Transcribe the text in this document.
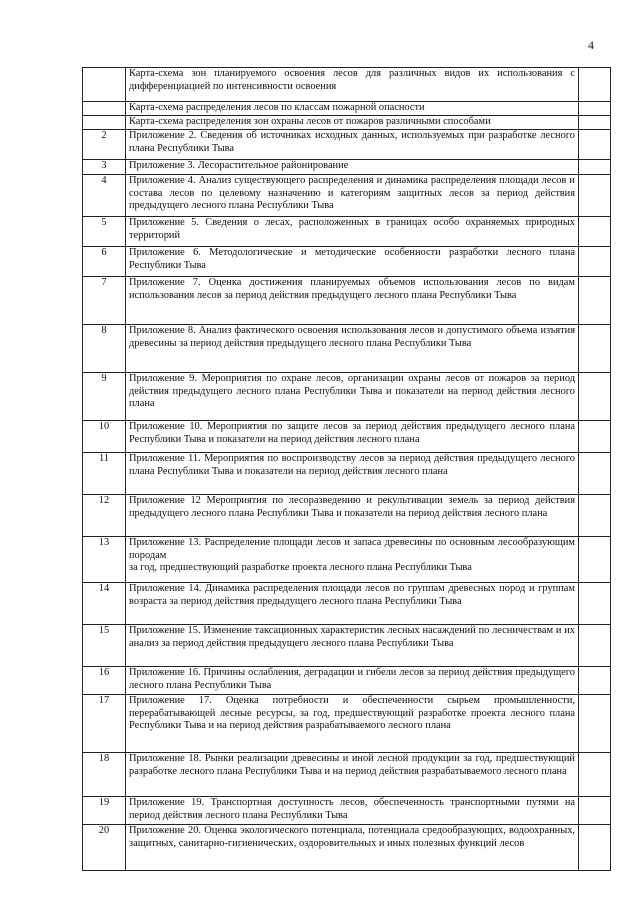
4
	Карта-схема зон планируемого освоения лесов для различных видов их использования с дифференциацией по интенсивности освоения	
	Карта-схема распределения лесов по классам пожарной опасности	
	Карта-схема распределения зон охраны лесов от пожаров различными способами	
2	Приложение 2. Сведения об источниках исходных данных, используемых при разработке лесного плана Республики Тыва	
3	Приложение 3. Лесорастительное районирование	
4	Приложение 4. Анализ существующего распределения и динамика распределения площади лесов и состава лесов по целевому назначению и категориям защитных лесов за период действия предыдущего лесного плана Республики Тыва	
5	Приложение 5. Сведения о лесах, расположенных в границах особо охраняемых природных территорий	
6	Приложение 6. Методологические и методические особенности разработки лесного плана Республики Тыва	
7	Приложение 7. Оценка достижения планируемых объемов использования лесов по видам использования лесов за период действия предыдущего лесного плана Республики Тыва	
8	Приложение 8. Анализ фактического освоения использования лесов и допустимого объема изъятия древесины за период действия предыдущего лесного плана Республики Тыва	
9	Приложение 9. Мероприятия по охране лесов, организации охраны лесов от пожаров за период действия предыдущего лесного плана Республики Тыва и показатели на период действия лесного плана	
10	Приложение 10. Мероприятия по защите лесов за период действия предыдущего лесного плана Республики Тыва и показатели на период действия лесного плана	
11	Приложение 11. Мероприятия по воспроизводству лесов за период действия предыдущего лесного плана Республики Тыва и показатели на период действия лесного плана	
12	Приложение 12 Мероприятия по лесоразведению и рекультивации земель за период действия предыдущего лесного плана Республики Тыва и показатели на период действия лесного плана	
13	Приложение 13. Распределение площади лесов и запаса древесины по основным лесообразующим породам
за год, предшествующий разработке проекта лесного плана Республики Тыва	

14	Приложение 14. Динамика распределения площади лесов по группам древесных пород и группам возраста за период действия предыдущего лесного плана Республики Тыва	
15	Приложение 15. Изменение таксационных характеристик лесных насаждений по лесничествам и их анализ за период действия предыдущего лесного плана Республики Тыва	
16	Приложение 16. Причины ослабления, деградации и гибели лесов за период действия предыдущего лесного плана Республики Тыва	
17	Приложение 17. Оценка потребности и обеспеченности сырьем промышленности, перерабатывающей лесные ресурсы, за год, предшествующий разработке проекта лесного плана Республики Тыва и на период действия разрабатываемого лесного плана	
18	Приложение 18. Рынки реализации древесины и иной лесной продукции за год, предшествующий разработке лесного плана Республики Тыва и на период действия разрабатываемого лесного плана	
19	Приложение 19. Транспортная доступность лесов, обеспеченность транспортными путями на период действия лесного плана Республики Тыва	
20	Приложение 20. Оценка экологического потенциала, потенциала средообразующих, водоохранных, защитных, санитарно-гигиенических, оздоровительных и иных полезных функций лесов	
